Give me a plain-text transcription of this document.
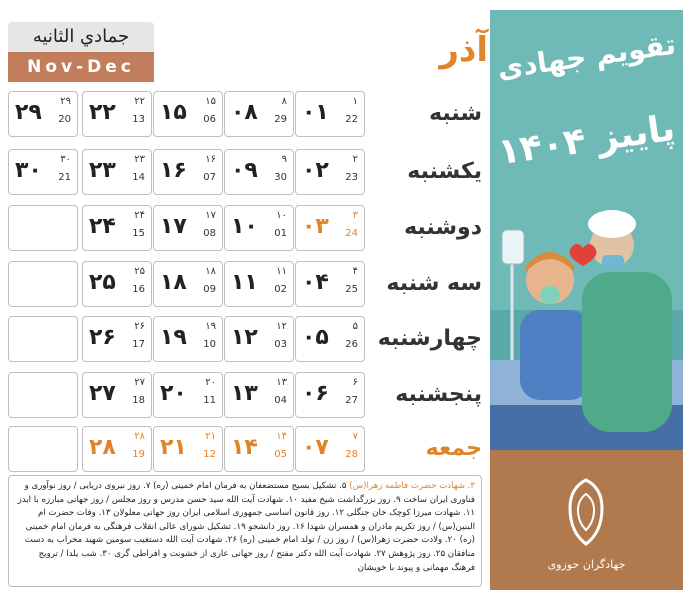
آذر
جمادي الثانيه
Nov-Dec
شنبه
۰۱ ۱
22
۰۸ ۸
29
۱۵ ۱۵
06
۲۲ ۲۲
13
۲۹ ۲۹
20
یکشنبه
۰۲ ۲
23
۰۹ ۹
30
۱۶ ۱۶
07
۲۳ ۲۳
14
۳۰ ۳۰
21
دوشنبه
۰۳ ۳
24
۱۰ ۱۰
01
۱۷ ۱۷
08
۲۴ ۲۴
15
سه شنبه
۰۴ ۴
25
۱۱ ۱۱
02
۱۸ ۱۸
09
۲۵ ۲۵
16
چهارشنبه
۰۵ ۵
26
۱۲ ۱۲
03
۱۹ ۱۹
10
۲۶ ۲۶
17
پنجشنبه
۰۶ ۶
27
۱۳ ۱۳
04
۲۰ ۲۰
11
۲۷ ۲۷
18
جمعه
۰۷ ۷
28
۱۴ ۱۴
05
۲۱ ۲۱
12
۲۸ ۲۸
19
۳. شهادت حضرت فاطمه زهرا(س) ۵. تشکیل بسیج مستضعفان به فرمان امام خمینی (ره) ۷. روز نیروی دریایی / روز نوآوری و فناوری ایران ساخت ۹. روز بزرگداشت شیخ مفید ۱۰. شهادت آیت الله سید حسن مدرس و روز مجلس / روز جهانی مبارزه با ایدز ۱۱. شهادت میرزا کوچک خان جنگلی ۱۲. روز قانون اساسی جمهوری اسلامی ایران روز جهانی معلولان ۱۳. وفات حضرت ام البنین(س) / روز تکریم مادران و همسران شهدا ۱۶. روز دانشجو ۱۹. تشکیل شورای عالی انقلاب فرهنگی به فرمان امام خمینی (ره) ۲۰. ولادت حضرت زهرا(س) / روز زن / تولد امام خمینی (ره) ۲۶. شهادت آیت الله دستغیب سومین شهید محراب به دست منافقان ۲۵. روز پژوهش ۲۷. شهادت آیت الله دکتر مفتح / روز جهانی عاری از خشونت و افراطی گری ۳۰. شب یلدا / ترویج فرهنگ مهمانی و پیوند با خویشان
تقویم جهادی
پاییز ۱۴۰۴
جهادگران حوزوی
